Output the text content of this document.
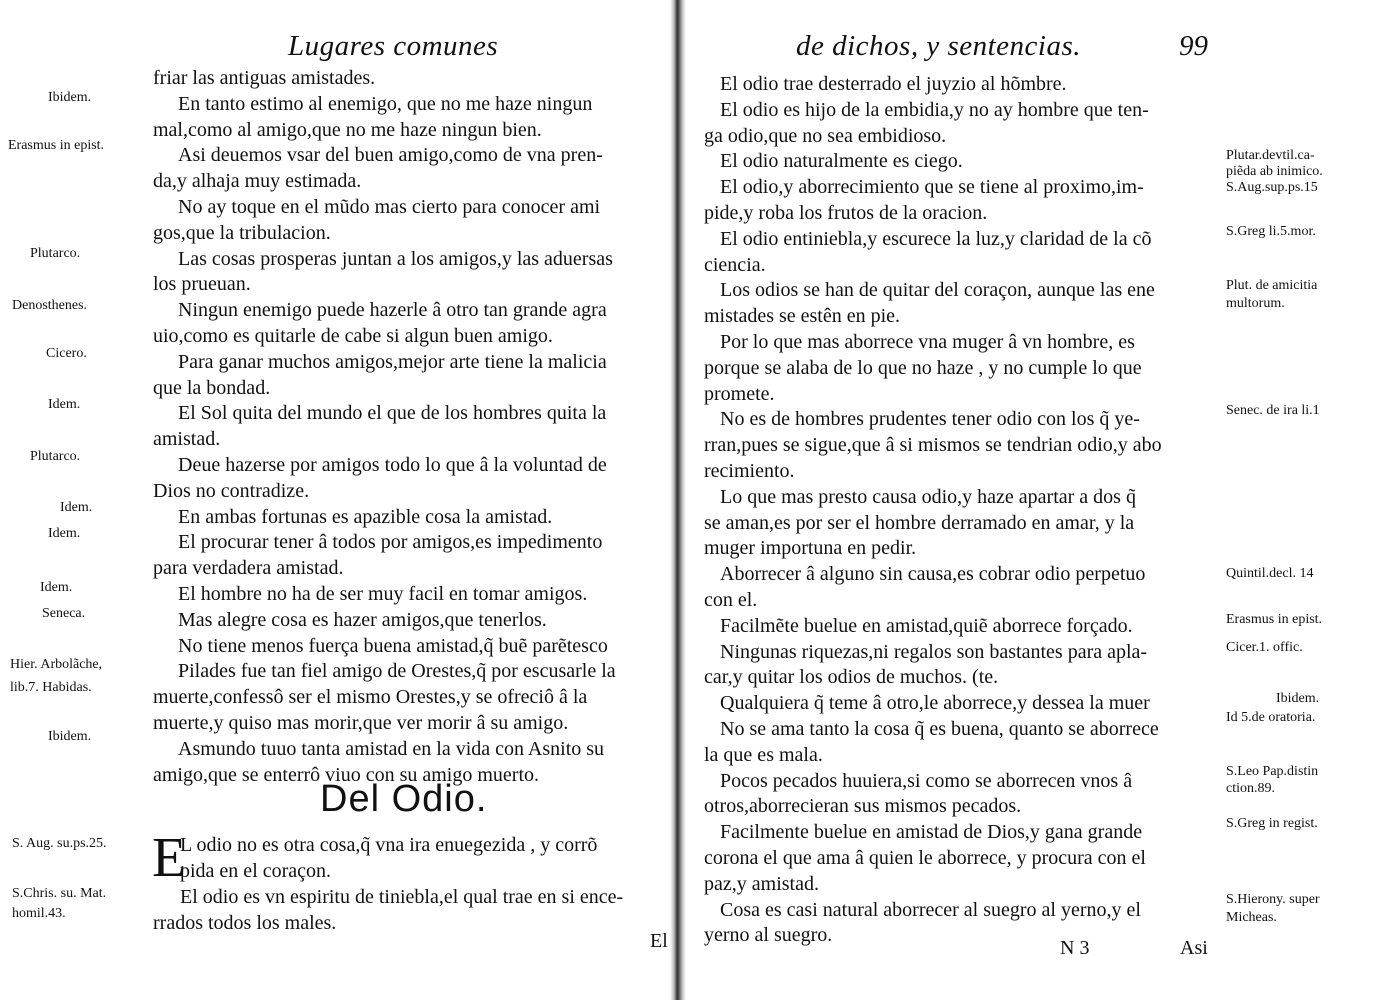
Lugares comunes
friar las antiguas amistades.
En tanto estimo al enemigo, que no me haze ningun
mal,como al amigo,que no me haze ningun bien.
Asi deuemos vsar del buen amigo,como de vna pren-
da,y alhaja muy estimada.
No ay toque en el mũdo mas cierto para conocer ami
gos,que la tribulacion.
Las cosas prosperas juntan a los amigos,y las aduersas
los prueuan.
Ningun enemigo puede hazerle â otro tan grande agra
uio,como es quitarle de cabe si algun buen amigo.
Para ganar muchos amigos,mejor arte tiene la malicia
que la bondad.
El Sol quita del mundo el que de los hombres quita la
amistad.
Deue hazerse por amigos todo lo que â la voluntad de
Dios no contradize.
En ambas fortunas es apazible cosa la amistad.
El procurar tener â todos por amigos,es impedimento
para verdadera amistad.
El hombre no ha de ser muy facil en tomar amigos.
Mas alegre cosa es hazer amigos,que tenerlos.
No tiene menos fuerça buena amistad,q̃ buẽ parẽtesco
Pilades fue tan fiel amigo de Orestes,q̃ por escusarle la
muerte,confessô ser el mismo Orestes,y se ofreciô â la
muerte,y quiso mas morir,que ver morir â su amigo.
Asmundo tuuo tanta amistad en la vida con Asnito su
amigo,que se enterrô viuo con su amigo muerto.
Ibidem.
Erasmus in epist.
Plutarco.
Denosthenes.
Cicero.
Idem.
Plutarco.
Idem.
Idem.
Idem.
Seneca.
Hier. Arbolãche,
lib.7. Habidas.
Ibidem.
S. Aug. su.ps.25.
S.Chris. su. Mat.
homil.43.
Del Odio.
E
L odio no es otra cosa,q̃ vna ira enuegezida , y corrõ
pida en el coraçon.
El odio es vn espiritu de tiniebla,el qual trae en si ence-
rrados todos los males.
El
de dichos, y sentencias.	99
El odio trae desterrado el juyzio al hõmbre.
El odio es hijo de la embidia,y no ay hombre que ten-
ga odio,que no sea embidioso.
El odio naturalmente es ciego.
El odio,y aborrecimiento que se tiene al proximo,im-
pide,y roba los frutos de la oracion.
El odio entiniebla,y escurece la luz,y claridad de la cõ
ciencia.
Los odios se han de quitar del coraçon, aunque las ene
mistades se estên en pie.
Por lo que mas aborrece vna muger â vn hombre, es
porque se alaba de lo que no haze , y no cumple lo que
promete.
No es de hombres prudentes tener odio con los q̃ ye-
rran,pues se sigue,que â si mismos se tendrian odio,y abo
recimiento.
Lo que mas presto causa odio,y haze apartar a dos q̃
se aman,es por ser el hombre derramado en amar, y la
muger importuna en pedir.
Aborrecer â alguno sin causa,es cobrar odio perpetuo
con el.
Facilmẽte buelue en amistad,quiẽ aborrece forçado.
Ningunas riquezas,ni regalos son bastantes para apla-
car,y quitar los odios de muchos. (te.
Qualquiera q̃ teme â otro,le aborrece,y dessea la muer
No se ama tanto la cosa q̃ es buena, quanto se aborrece
la que es mala.
Pocos pecados huuiera,si como se aborrecen vnos â
otros,aborrecieran sus mismos pecados.
Facilmente buelue en amistad de Dios,y gana grande
corona el que ama â quien le aborrece, y procura con el
paz,y amistad.
Cosa es casi natural aborrecer al suegro al yerno,y el
yerno al suegro.
Plutar.devtil.ca-
piẽda ab inimico.
S.Aug.sup.ps.15
S.Greg li.5.mor.
Plut. de amicitia
multorum.
Senec. de ira li.1
Quintil.decl. 14
Erasmus in epist.
Cicer.1. offic.
Ibidem.
Id 5.de oratoria.
S.Leo Pap.distin
ction.89.
S.Greg in regist.
S.Hierony. super
Micheas.
N 3	Asi
